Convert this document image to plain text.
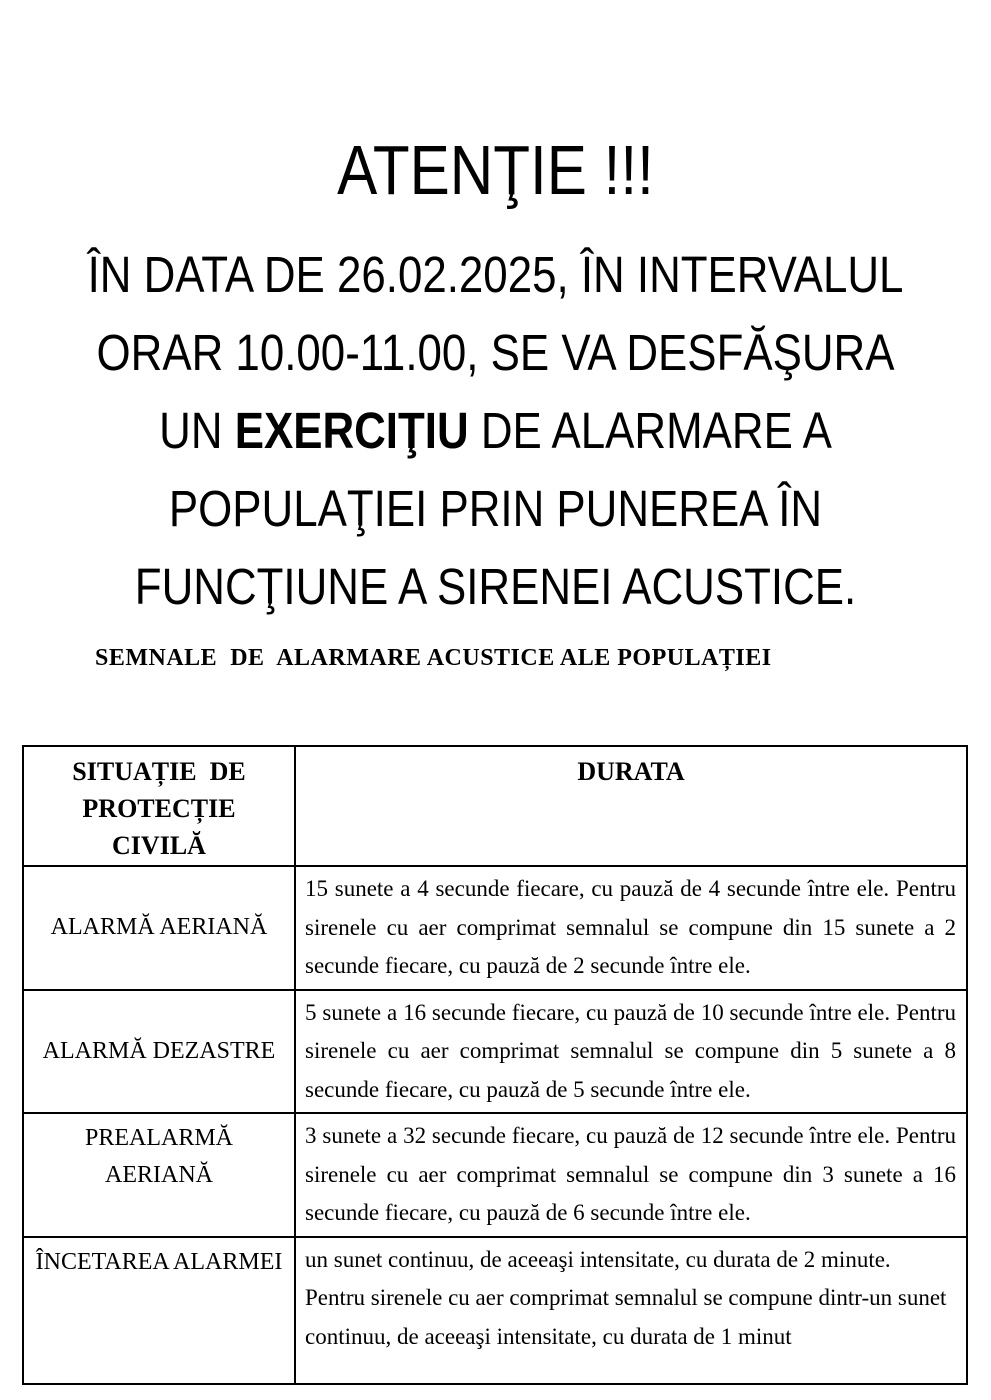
ATENŢIE !!!
ÎN DATA DE 26.02.2025, ÎN INTERVALUL
ORAR 10.00-11.00, SE VA DESFĂŞURA
UN EXERCIŢIU DE ALARMARE A
POPULAŢIEI PRIN PUNEREA ÎN
FUNCŢIUNE A SIRENEI ACUSTICE.
SEMNALE  DE  ALARMARE ACUSTICE ALE POPULAȚIEI
SITUAȚIE  DE
PROTECȚIE
CIVILĂ	DURATA
ALARMĂ AERIANĂ	15 sunete a 4 secunde fiecare, cu pauză de 4 secunde între ele. Pentru sirenele cu aer comprimat semnalul se compune din 15 sunete a 2 secunde fiecare, cu pauză de 2 secunde între ele.
ALARMĂ DEZASTRE	5 sunete a 16 secunde fiecare, cu pauză de 10 secunde între ele. Pentru sirenele cu aer comprimat semnalul se compune din 5 sunete a 8 secunde fiecare, cu pauză de 5 secunde între ele.
PREALARMĂ AERIANĂ	3 sunete a 32 secunde fiecare, cu pauză de 12 secunde între ele. Pentru sirenele cu aer comprimat semnalul se compune din 3 sunete a 16 secunde fiecare, cu pauză de 6 secunde între ele.
ÎNCETAREA ALARMEI	un sunet continuu, de aceeaşi intensitate, cu durata de 2 minute. Pentru sirenele cu aer comprimat semnalul se compune dintr-un sunet continuu, de aceeaşi intensitate, cu durata de 1 minut
